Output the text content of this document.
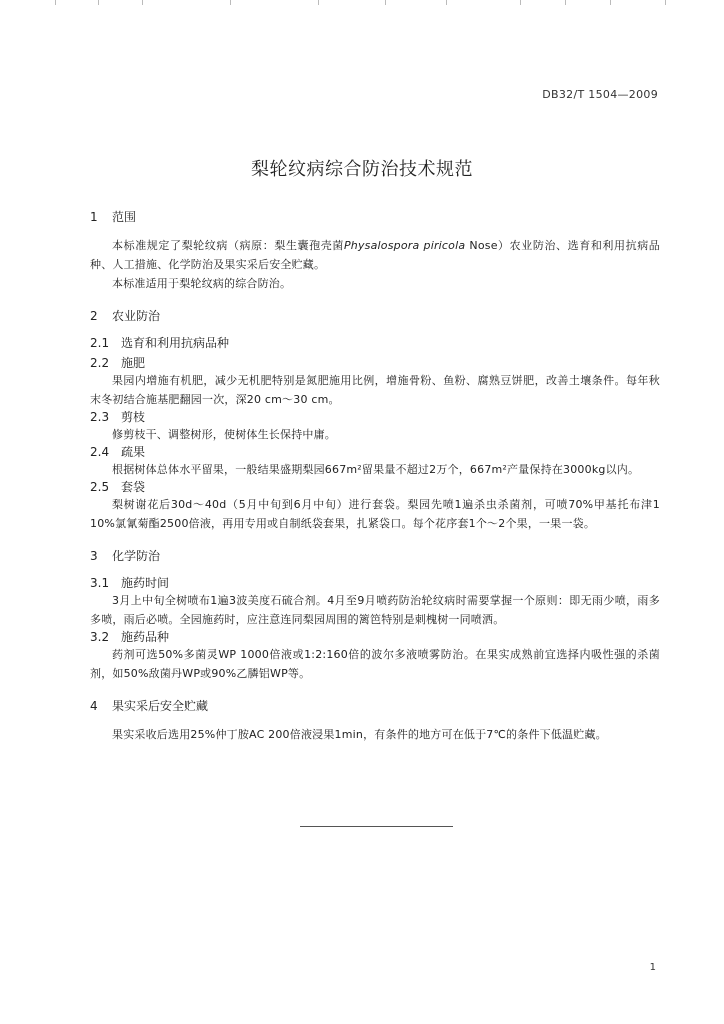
DB32/T 1504—2009
梨轮纹病综合防治技术规范
1	范围

本标准规定了梨轮纹病（病原：梨生囊孢壳菌Physalospora piricola Nose）农业防治、选育和利用抗病品种、人工措施、化学防治及果实采后安全贮藏。

本标准适用于梨轮纹病的综合防治。

2	农业防治
2.1 选育和利用抗病品种
2.2 施肥

果园内增施有机肥，减少无机肥特别是氮肥施用比例，增施骨粉、鱼粉、腐熟豆饼肥，改善土壤条件。每年秋末冬初结合施基肥翻园一次，深20 cm～30 cm。

2.3 剪枝

修剪枝干、调整树形，使树体生长保持中庸。

2.4 疏果

根据树体总体水平留果，一般结果盛期梨园667m²留果量不超过2万个，667m²产量保持在3000kg以内。

2.5 套袋

梨树谢花后30d～40d（5月中旬到6月中旬）进行套袋。梨园先喷1遍杀虫杀菌剂，可喷70%甲基托布津1 10%氯氰菊酯2500倍液，再用专用或自制纸袋套果，扎紧袋口。每个花序套1个～2个果，一果一袋。

3	化学防治
3.1 施药时间

3月上中旬全树喷布1遍3波美度石硫合剂。4月至9月喷药防治轮纹病时需要掌握一个原则：即无雨少喷，雨多多喷，雨后必喷。全园施药时，应注意连同梨园周围的篱笆特别是刺槐树一同喷洒。

3.2 施药品种

药剂可选50%多菌灵WP 1000倍液或1:2:160倍的波尔多液喷雾防治。在果实成熟前宜选择内吸性强的杀菌剂，如50%敌菌丹WP或90%乙膦铝WP等。

4	果实采后安全贮藏

果实采收后选用25%仲丁胺AC 200倍液浸果1min，有条件的地方可在低于7℃的条件下低温贮藏。

1
